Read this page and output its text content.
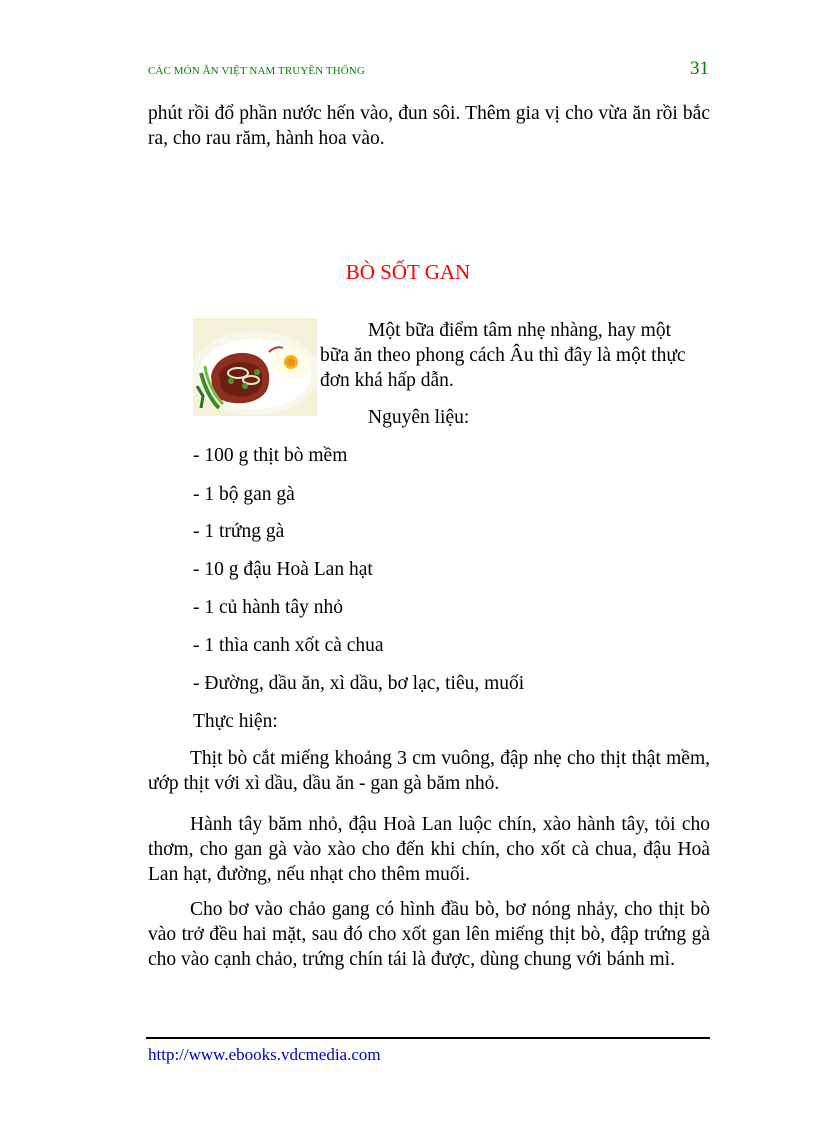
CÁC MÓN ĂN VIỆT NAM TRUYỀN THỐNG	31
phút rồi đổ phần nước hến vào, đun sôi. Thêm gia vị cho vừa ăn rồi bắc ra, cho rau răm, hành hoa vào.
BÒ SỐT GAN
Một bữa điểm tâm nhẹ nhàng, hay một
bữa ăn theo phong cách Âu thì đây là một thực
đơn khá hấp dẫn.
Nguyên liệu:
- 100 g thịt bò mềm
- 1 bộ gan gà
- 1 trứng gà
- 10 g đậu Hoà Lan hạt
- 1 củ hành tây nhỏ
- 1 thìa canh xốt cà chua
- Đường, dầu ăn, xì dầu, bơ lạc, tiêu, muối
Thực hiện:
Thịt bò cắt miếng khoảng 3 cm vuông, đập nhẹ cho thịt thật mềm, ướp thịt với xì dầu, dầu ăn - gan gà băm nhỏ.
Hành tây băm nhỏ, đậu Hoà Lan luộc chín, xào hành tây, tỏi cho thơm, cho gan gà vào xào cho đến khi chín, cho xốt cà chua, đậu Hoà Lan hạt, đường, nếu nhạt cho thêm muối.
Cho bơ vào chảo gang có hình đầu bò, bơ nóng nhảy, cho thịt bò vào trở đều hai mặt, sau đó cho xốt gan lên miếng thịt bò, đập trứng gà cho vào cạnh chảo, trứng chín tái là được, dùng chung với bánh mì.
http://www.ebooks.vdcmedia.com
